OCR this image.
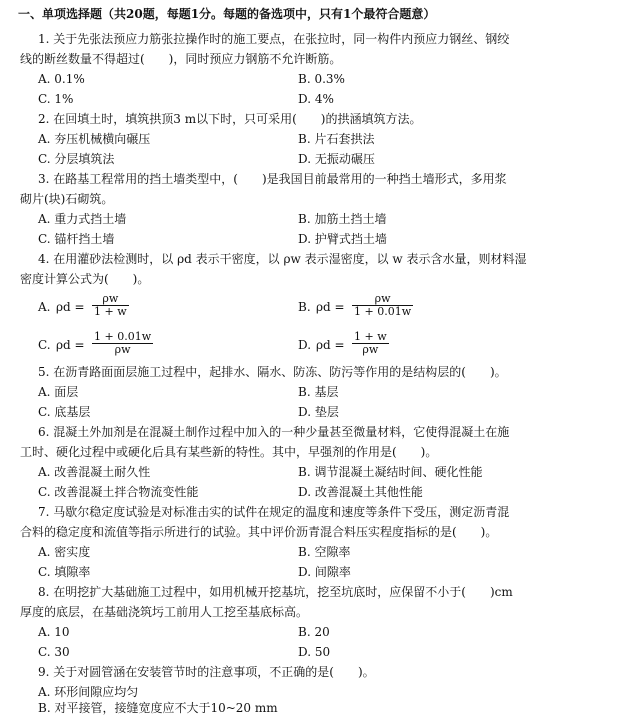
一、单项选择题（共20题，每题1分。每题的备选项中，只有1个最符合题意）
1. 关于先张法预应力筋张拉操作时的施工要点，在张拉时，同一构件内预应力钢丝、钢绞
线的断丝数量不得超过(　　)，同时预应力钢筋不允许断筋。
A. 0.1%	B. 0.3%
C. 1%	D. 4%
2. 在回填土时，填筑拱顶3 m以下时，只可采用(　　)的拱涵填筑方法。
A. 夯压机械横向碾压	B. 片石套拱法
C. 分层填筑法	D. 无振动碾压
3. 在路基工程常用的挡土墙类型中，(　　)是我国目前最常用的一种挡土墙形式，多用浆
砌片(块)石砌筑。
A. 重力式挡土墙	B. 加筋土挡土墙
C. 锚杆挡土墙	D. 护臂式挡土墙
4. 在用灌砂法检测时，以 ρd 表示干密度，以 ρw 表示湿密度，以 w 表示含水量，则材料湿
密度计算公式为(　　)。
A. $\rho d = \frac{\rho w}{1 + w}$	B. $\rho d = \frac{\rho w}{1 + 0.01w}$
C. $\rho d = \frac{1 + 0.01w}{\rho w}$	D. $\rho d = \frac{1 + w}{\rho w}$
5. 在沥青路面面层施工过程中，起排水、隔水、防冻、防污等作用的是结构层的(　　)。
A. 面层	B. 基层
C. 底基层	D. 垫层
6. 混凝土外加剂是在混凝土制作过程中加入的一种少量甚至微量材料，它使得混凝土在施
工时、硬化过程中或硬化后具有某些新的特性。其中，早强剂的作用是(　　)。
A. 改善混凝土耐久性	B. 调节混凝土凝结时间、硬化性能
C. 改善混凝土拌合物流变性能	D. 改善混凝土其他性能
7. 马歇尔稳定度试验是对标准击实的试件在规定的温度和速度等条件下受压，测定沥青混
合料的稳定度和流值等指示所进行的试验。其中评价沥青混合料压实程度指标的是(　　)。
A. 密实度	B. 空隙率
C. 填隙率	D. 间隙率
8. 在明挖扩大基础施工过程中，如用机械开挖基坑，挖至坑底时，应保留不小于(　　)cm
厚度的底层，在基础浇筑圬工前用人工挖至基底标高。
A. 10	B. 20
C. 30	D. 50
9. 关于对圆管涵在安装管节时的注意事项，不正确的是(　　)。
A. 环形间隙应均匀
B. 对平接管，接缝宽度应不大于10~20 mm
